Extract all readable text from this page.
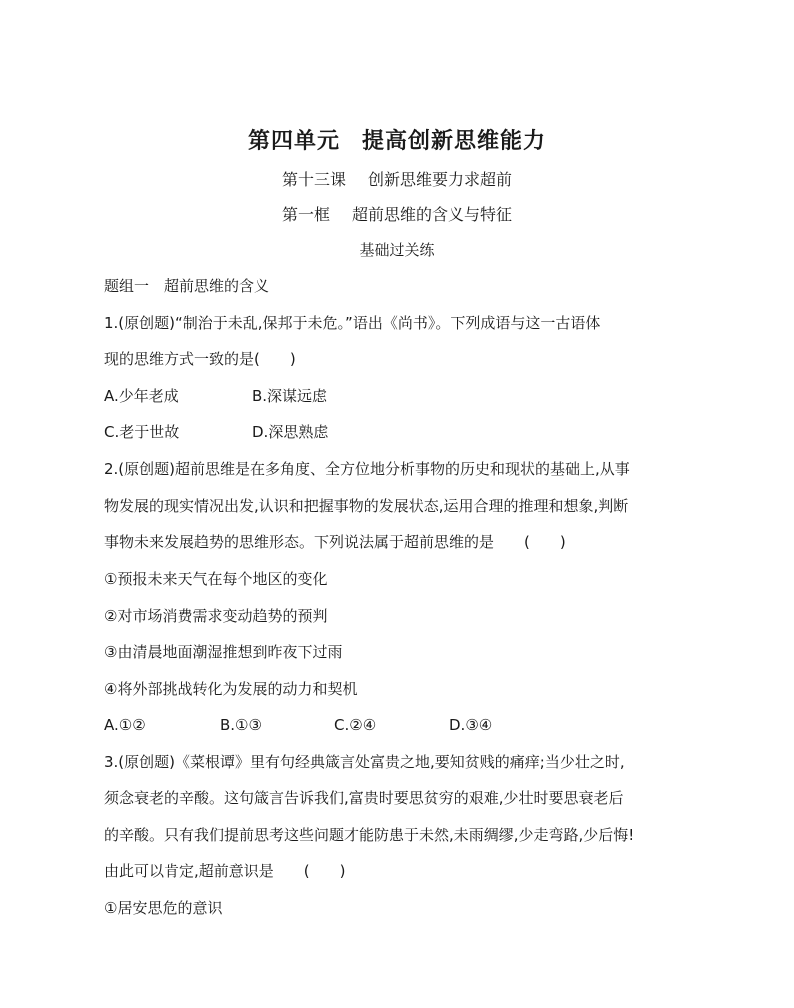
第四单元 提高创新思维能力
第十三课 创新思维要力求超前
第一框 超前思维的含义与特征
基础过关练
题组一　超前思维的含义
1.(原创题)“制治于未乱,保邦于未危。”语出《尚书》。下列成语与这一古语体
现的思维方式一致的是(　　)
A.少年老成	B.深谋远虑
C.老于世故	D.深思熟虑
2.(原创题)超前思维是在多角度、全方位地分析事物的历史和现状的基础上,从事
物发展的现实情况出发,认识和把握事物的发展状态,运用合理的推理和想象,判断
事物未来发展趋势的思维形态。下列说法属于超前思维的是　　(　　)
①预报未来天气在每个地区的变化
②对市场消费需求变动趋势的预判
③由清晨地面潮湿推想到昨夜下过雨
④将外部挑战转化为发展的动力和契机
A.①②	B.①③	C.②④	D.③④
3.(原创题)《菜根谭》里有句经典箴言处富贵之地,要知贫贱的痛痒;当少壮之时,
须念衰老的辛酸。这句箴言告诉我们,富贵时要思贫穷的艰难,少壮时要思衰老后
的辛酸。只有我们提前思考这些问题才能防患于未然,未雨绸缪,少走弯路,少后悔!
由此可以肯定,超前意识是　　(　　)
①居安思危的意识
